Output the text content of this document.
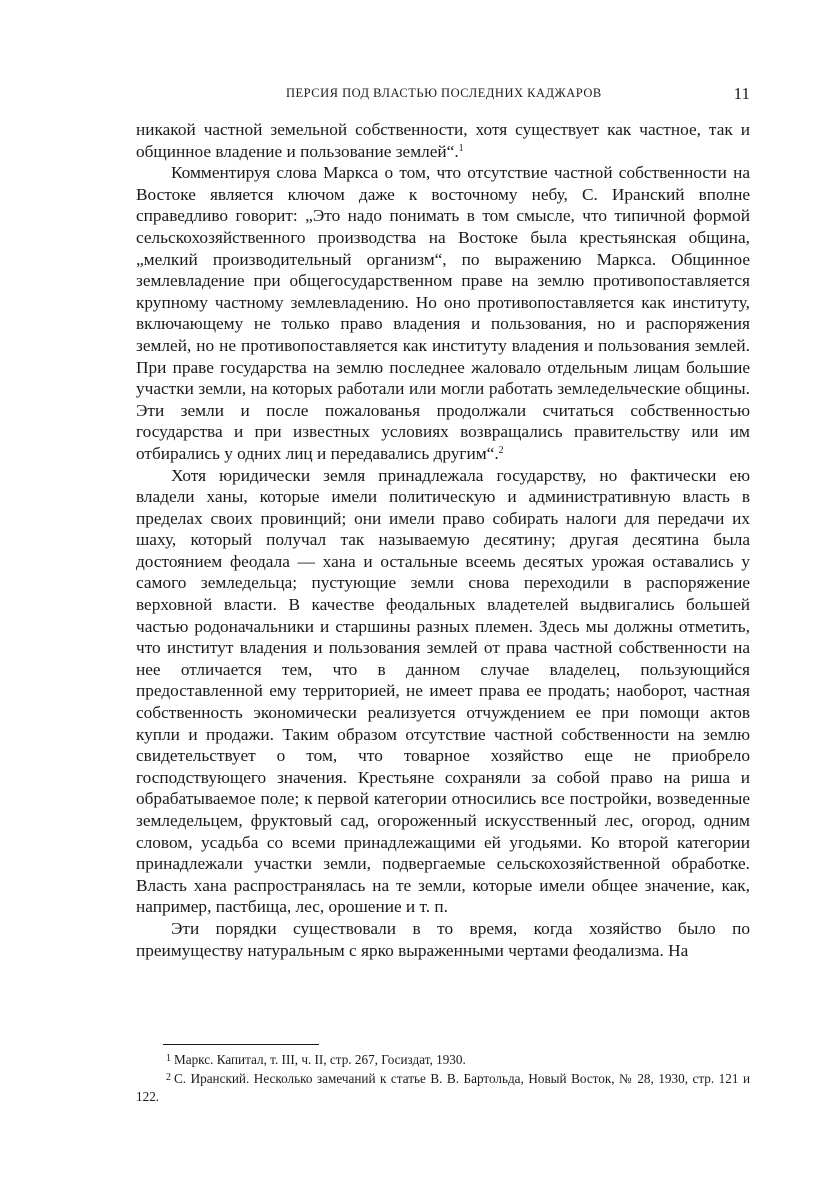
ПЕРСИЯ ПОД ВЛАСТЬЮ ПОСЛЕДНИХ КАДЖАРОВ	11

никакой частной земельной собственности, хотя существует как частное, так и общинное владение и пользование землей“.$^1$

Комментируя слова Маркса о том, что отсутствие частной собственности на Востоке является ключом даже к восточному небу, С. Иранский вполне справедливо говорит: „Это надо понимать в том смысле, что типичной формой сельскохозяйственного производства на Востоке была крестьянская община, „мелкий производительный организм“, по выражению Маркса. Общинное землевладение при общегосударственном праве на землю противопоставляется крупному частному землевладению. Но оно противопоставляется как институту, включающему не только право владения и пользования, но и распоряжения землей, но не противопоставляется как институту владения и пользования землей. При праве государства на землю последнее жаловало отдельным лицам большие участки земли, на которых работали или могли работать земледельческие общины. Эти земли и после пожалованья продолжали считаться собственностью государства и при известных условиях возвращались правительству или им отбирались у одних лиц и передавались другим“.$^2$

Хотя юридически земля принадлежала государству, но фактически ею владели ханы, которые имели политическую и административную власть в пределах своих провинций; они имели право собирать налоги для передачи их шаху, который получал так называемую десятину; другая десятина была достоянием феодала — хана и остальные всеемь десятых урожая оставались у самого земледельца; пустующие земли снова переходили в распоряжение верховной власти. В качестве феодальных владетелей выдвигались большей частью родоначальники и старшины разных племен. Здесь мы должны отметить, что институт владения и пользования землей от права частной собственности на нее отличается тем, что в данном случае владелец, пользующийся предоставленной ему территорией, не имеет права ее продать; наоборот, частная собственность экономически реализуется отчуждением ее при помощи актов купли и продажи. Таким образом отсутствие частной собственности на землю свидетельствует о том, что товарное хозяйство еще не приобрело господствующего значения. Крестьяне сохраняли за собой право на риша и обрабатываемое поле; к первой категории относились все постройки, возведенные земледельцем, фруктовый сад, огороженный искусственный лес, огород, одним словом, усадьба со всеми принадлежащими ей угодьями. Ко второй категории принадлежали участки земли, подвергаемые сельскохозяйственной обработке. Власть хана распространялась на те земли, которые имели общее значение, как, например, пастбища, лес, орошение и т. п.

Эти порядки существовали в то время, когда хозяйство было по преимуществу натуральным с ярко выраженными чертами феодализма. На

$^1$ Маркс. Капитал, т. III, ч. II, стр. 267, Госиздат, 1930.

$^2$ С. Иранский. Несколько замечаний к статье В. В. Бартольда, Новый Восток, № 28, 1930, стр. 121 и 122.
